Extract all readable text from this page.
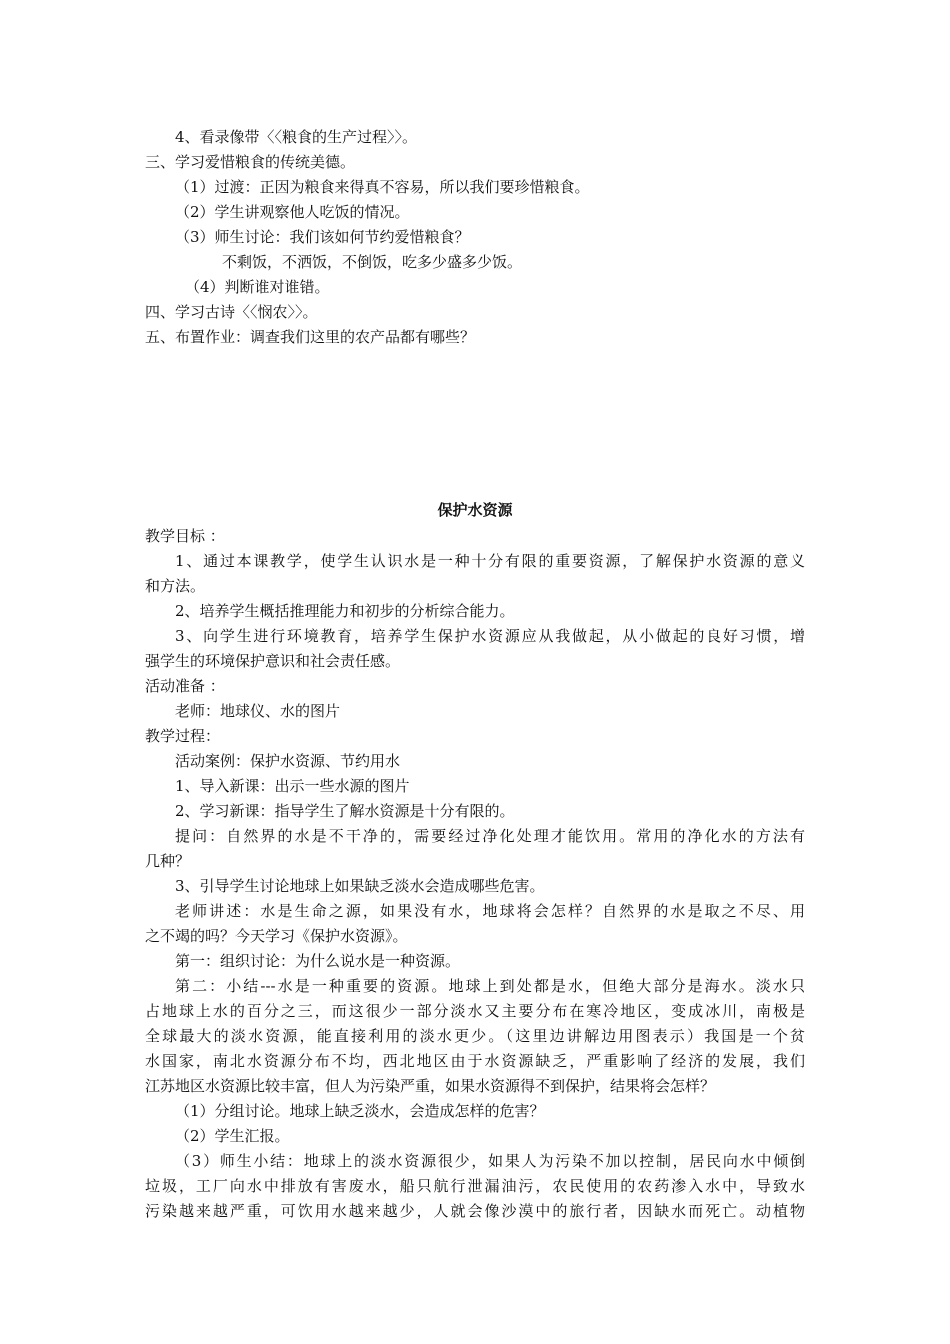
4、看录像带〈〈粮食的生产过程〉〉。
三、学习爱惜粮食的传统美德。
（1）过渡：正因为粮食来得真不容易，所以我们要珍惜粮食。
（2）学生讲观察他人吃饭的情况。
（3）师生讨论：我们该如何节约爱惜粮食？
不剩饭，不洒饭，不倒饭，吃多少盛多少饭。
（4）判断谁对谁错。
四、学习古诗〈〈悯农〉〉。
五、布置作业：调查我们这里的农产品都有哪些？
保护水资源
教学目标 ：
1、通过本课教学，使学生认识水是一种十分有限的重要资源，了解保护水资源的意义
和方法。
2、培养学生概括推理能力和初步的分析综合能力。
3、向学生进行环境教育，培养学生保护水资源应从我做起，从小做起的良好习惯，增
强学生的环境保护意识和社会责任感。
活动准备 ：
老师：地球仪、水的图片
教学过程：
活动案例：保护水资源、节约用水
1、导入新课：出示一些水源的图片
2、学习新课：指导学生了解水资源是十分有限的。
提问：自然界的水是不干净的，需要经过净化处理才能饮用。常用的净化水的方法有
几种？
3、引导学生讨论地球上如果缺乏淡水会造成哪些危害。
老师讲述：水是生命之源，如果没有水，地球将会怎样？自然界的水是取之不尽、用
之不竭的吗？今天学习《保护水资源》。
第一：组织讨论：为什么说水是一种资源。
第二：小结---水是一种重要的资源。地球上到处都是水，但绝大部分是海水。淡水只
占地球上水的百分之三，而这很少一部分淡水又主要分布在寒冷地区，变成冰川，南极是
全球最大的淡水资源，能直接利用的淡水更少。（这里边讲解边用图表示）我国是一个贫
水国家，南北水资源分布不均，西北地区由于水资源缺乏，严重影响了经济的发展，我们
江苏地区水资源比较丰富，但人为污染严重，如果水资源得不到保护，结果将会怎样？
（1）分组讨论。地球上缺乏淡水，会造成怎样的危害？
（2）学生汇报。
（3）师生小结：地球上的淡水资源很少，如果人为污染不加以控制，居民向水中倾倒
垃圾，工厂向水中排放有害废水，船只航行泄漏油污，农民使用的农药渗入水中，导致水
污染越来越严重，可饮用水越来越少，人就会像沙漠中的旅行者，因缺水而死亡。动植物
